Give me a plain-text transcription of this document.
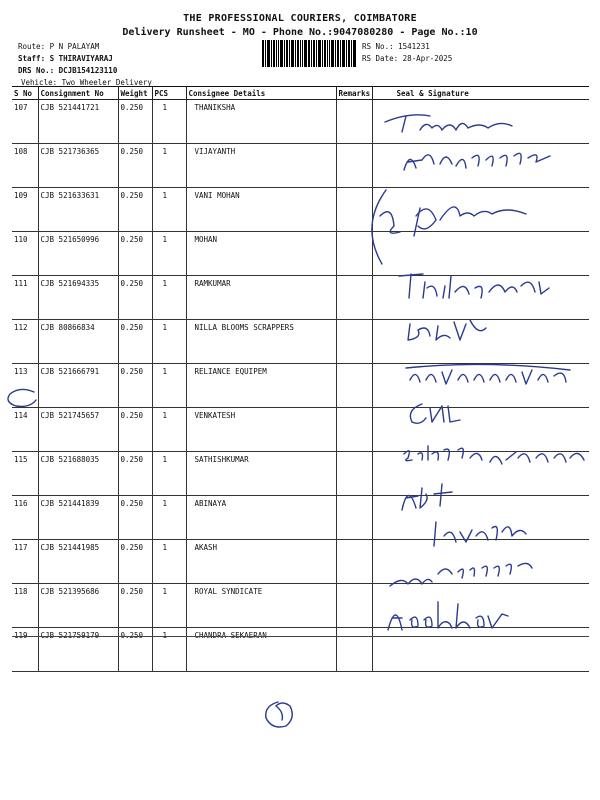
THE PROFESSIONAL COURIERS, COIMBATORE
Delivery Runsheet - MO - Phone No.:9047080280 - Page No.:10
Route: P N PALAYAM
Staff: S THIRAVIYARAJ
DRS No.: DCJB154123110
Vehicle: Two Wheeler Delivery
RS No.: 1541231
RS Date: 28-Apr-2025
S No	Consignment No	Weight	PCS	Consignee Details	Remarks	Seal & Signature
107	CJB 521441721	0.250	1	THANIKSHA		
108	CJB 521736365	0.250	1	VIJAYANTH		
109	CJB 521633631	0.250	1	VANI MOHAN		
110	CJB 521650996	0.250	1	MOHAN		
111	CJB 521694335	0.250	1	RAMKUMAR		
112	CJB 80866834	0.250	1	NILLA BLOOMS SCRAPPERS		
113	CJB 521666791	0.250	1	RELIANCE EQUIPEM		
114	CJB 521745657	0.250	1	VENKATESH		
115	CJB 521688035	0.250	1	SATHISHKUMAR		
116	CJB 521441839	0.250	1	ABINAYA		
117	CJB 521441985	0.250	1	AKASH		
118	CJB 521395686	0.250	1	ROYAL SYNDICATE		
119	CJB 521759179	0.250	1	CHANDRA SEKAERAN		
